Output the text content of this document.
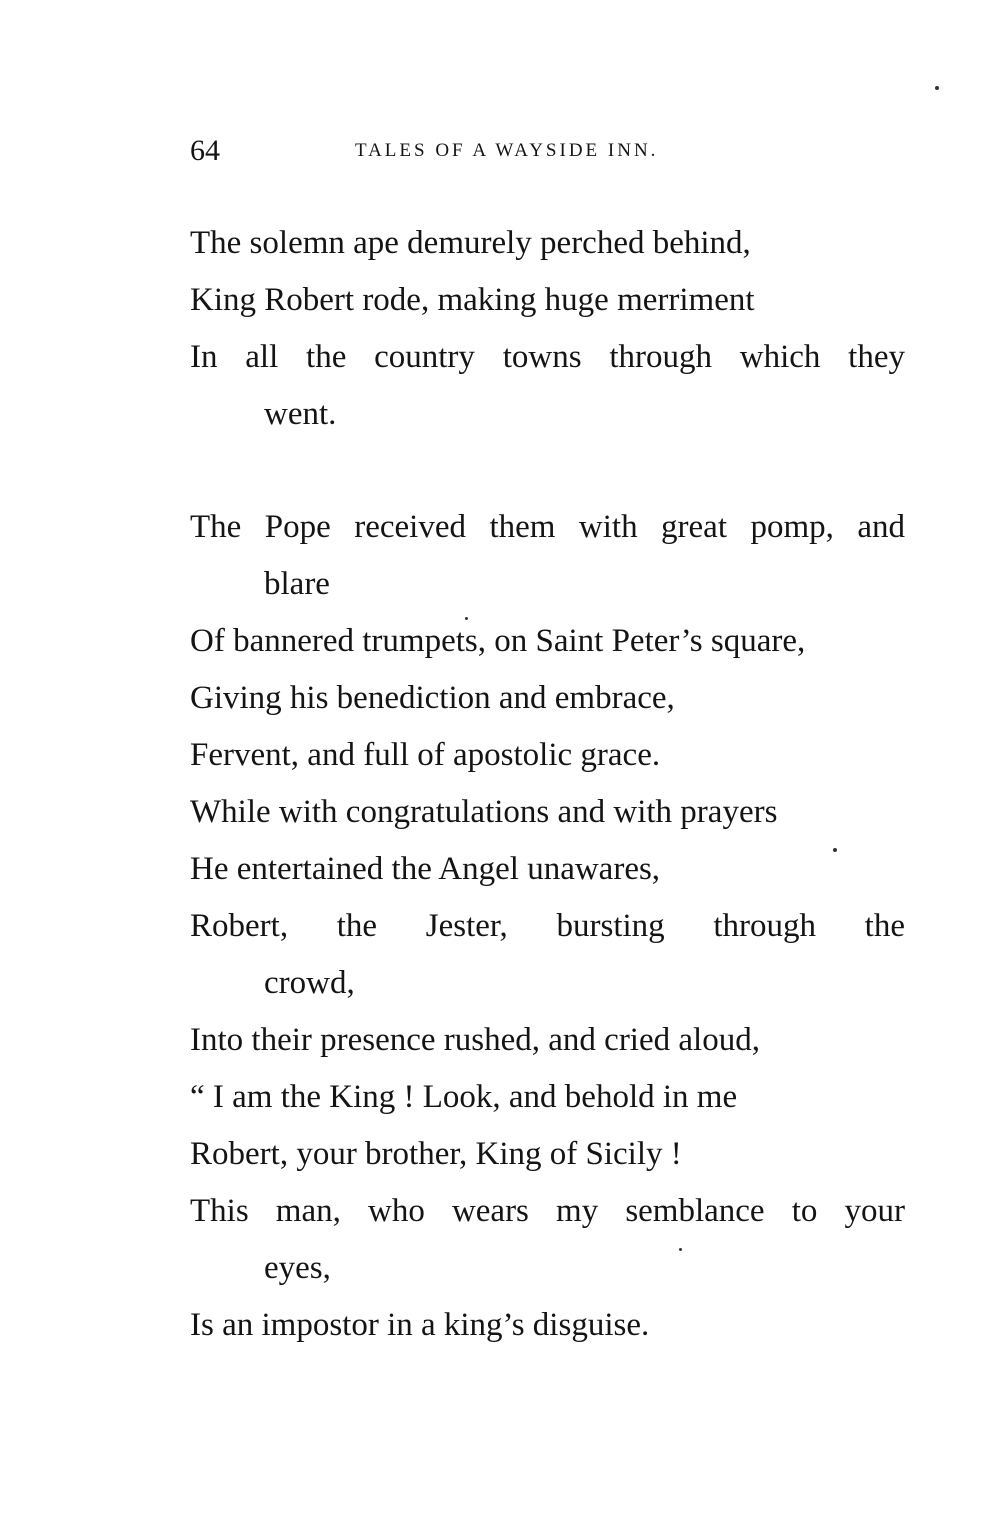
64	TALES OF A WAYSIDE INN.
The solemn ape demurely perched behind,
King Robert rode, making huge merriment
In all the country towns through which they
went.
The Pope received them with great pomp, and
blare
Of bannered trumpets, on Saint Peter’s square,
Giving his benediction and embrace,
Fervent, and full of apostolic grace.
While with congratulations and with prayers
He entertained the Angel unawares,
Robert, the Jester, bursting through the
crowd,
Into their presence rushed, and cried aloud,
“ I am the King ! Look, and behold in me
Robert, your brother, King of Sicily !
This man, who wears my semblance to your
eyes,
Is an impostor in a king’s disguise.
